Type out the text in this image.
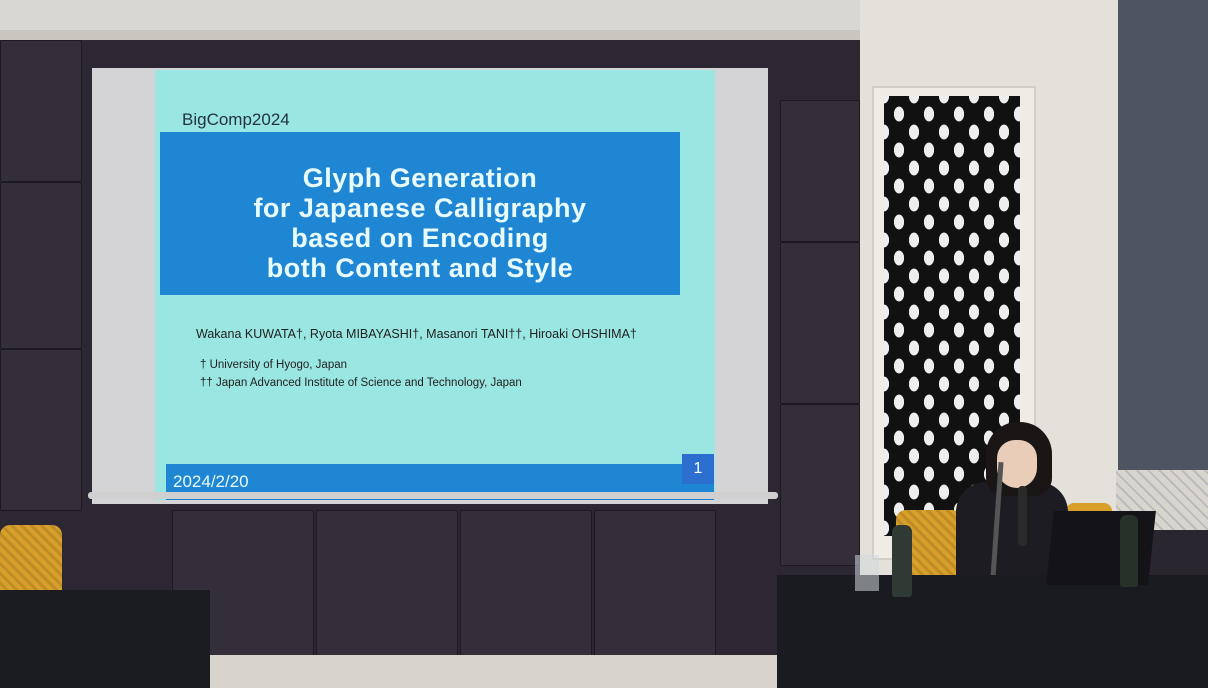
BigComp2024
Glyph Generation
for Japanese Calligraphy
based on Encoding
both Content and Style
Wakana KUWATA†, Ryota MIBAYASHI†, Masanori TANI††, Hiroaki OHSHIMA†
† University of Hyogo, Japan
†† Japan Advanced Institute of Science and Technology, Japan
2024/2/20
1
